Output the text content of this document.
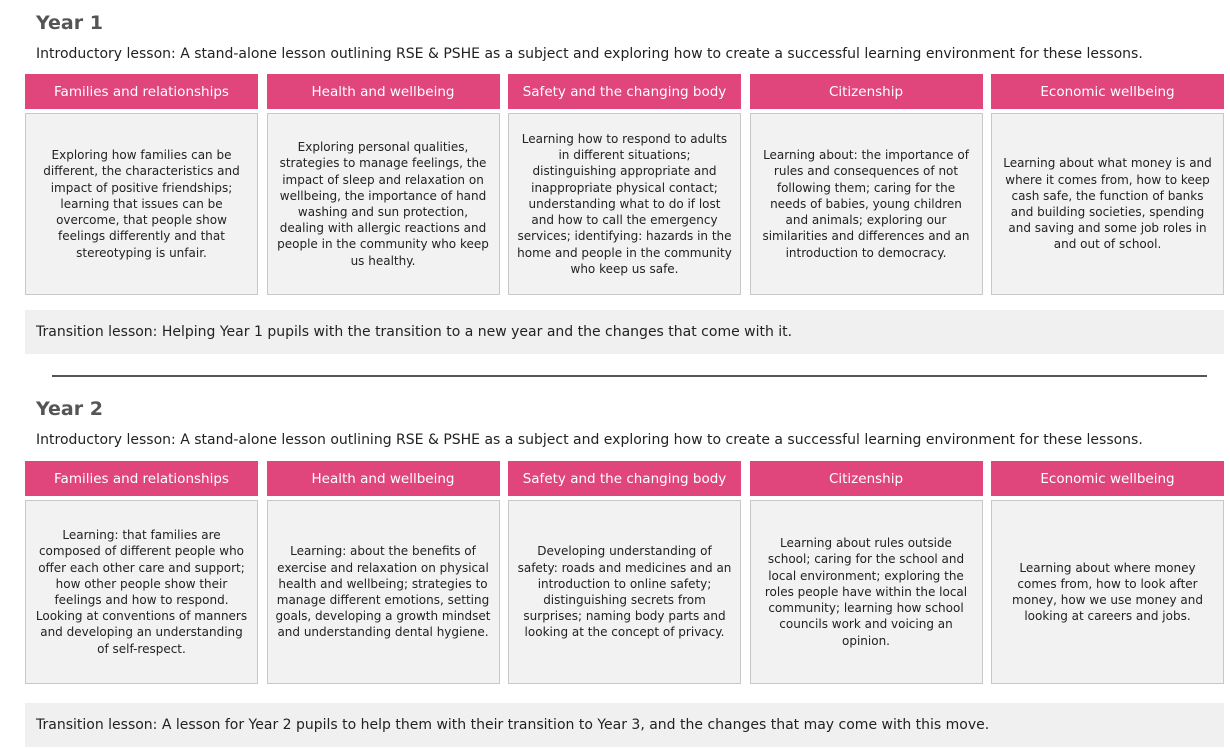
Year 1
Introductory lesson: A stand-alone lesson outlining RSE & PSHE as a subject and exploring how to create a successful learning environment for these lessons.
Families and relationships
Exploring how families can be different, the characteristics and impact of positive friendships; learning that issues can be overcome, that people show feelings differently and that stereotyping is unfair.
Health and wellbeing
Exploring personal qualities, strategies to manage feelings, the impact of sleep and relaxation on wellbeing, the importance of hand washing and sun protection, dealing with allergic reactions and people in the community who keep us healthy.
Safety and the changing body
Learning how to respond to adults in different situations; distinguishing appropriate and inappropriate physical contact; understanding what to do if lost and how to call the emergency services; identifying: hazards in the home and people in the community who keep us safe.
Citizenship
Learning about: the importance of rules and consequences of not following them; caring for the needs of babies, young children and animals; exploring our similarities and differences and an introduction to democracy.
Economic wellbeing
Learning about what money is and where it comes from, how to keep cash safe, the function of banks and building societies, spending and saving and some job roles in and out of school.
Transition lesson: Helping Year 1 pupils with the transition to a new year and the changes that come with it.
Year 2
Introductory lesson: A stand-alone lesson outlining RSE & PSHE as a subject and exploring how to create a successful learning environment for these lessons.
Families and relationships
Learning: that families are composed of different people who offer each other care and support; how other people show their feelings and how to respond. Looking at conventions of manners and developing an understanding of self-respect.
Health and wellbeing
Learning: about the benefits of exercise and relaxation on physical health and wellbeing; strategies to manage different emotions, setting goals, developing a growth mindset and understanding dental hygiene.
Safety and the changing body
Developing understanding of safety: roads and medicines and an introduction to online safety; distinguishing secrets from surprises; naming body parts and looking at the concept of privacy.
Citizenship
Learning about rules outside school; caring for the school and local environment; exploring the roles people have within the local community; learning how school councils work and voicing an opinion.
Economic wellbeing
Learning about where money comes from, how to look after money, how we use money and looking at careers and jobs.
Transition lesson: A lesson for Year 2 pupils to help them with their transition to Year 3, and the changes that may come with this move.
